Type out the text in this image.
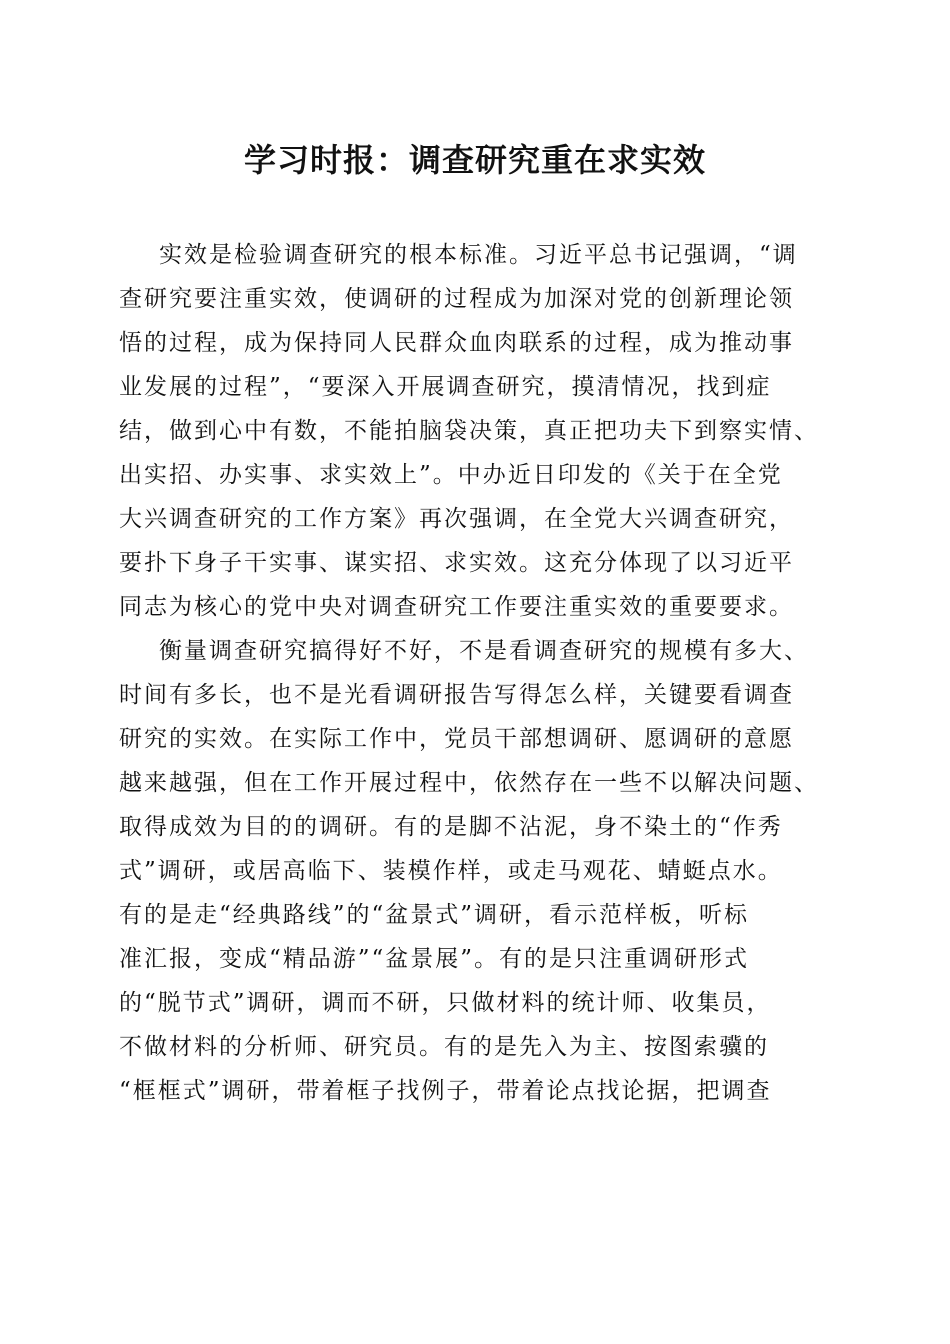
学习时报：调查研究重在求实效
实效是检验调查研究的根本标准。习近平总书记强调，“调
查研究要注重实效，使调研的过程成为加深对党的创新理论领
悟的过程，成为保持同人民群众血肉联系的过程，成为推动事
业发展的过程”，“要深入开展调查研究，摸清情况，找到症
结，做到心中有数，不能拍脑袋决策，真正把功夫下到察实情、
出实招、办实事、求实效上”。中办近日印发的《关于在全党
大兴调查研究的工作方案》再次强调，在全党大兴调查研究，
要扑下身子干实事、谋实招、求实效。这充分体现了以习近平
同志为核心的党中央对调查研究工作要注重实效的重要要求。
衡量调查研究搞得好不好，不是看调查研究的规模有多大、
时间有多长，也不是光看调研报告写得怎么样，关键要看调查
研究的实效。在实际工作中，党员干部想调研、愿调研的意愿
越来越强，但在工作开展过程中，依然存在一些不以解决问题、
取得成效为目的的调研。有的是脚不沾泥，身不染土的“作秀
式”调研，或居高临下、装模作样，或走马观花、蜻蜓点水。
有的是走“经典路线”的“盆景式”调研，看示范样板，听标
准汇报，变成“精品游”“盆景展”。有的是只注重调研形式
的“脱节式”调研，调而不研，只做材料的统计师、收集员，
不做材料的分析师、研究员。有的是先入为主、按图索骥的
“框框式”调研，带着框子找例子，带着论点找论据，把调查
